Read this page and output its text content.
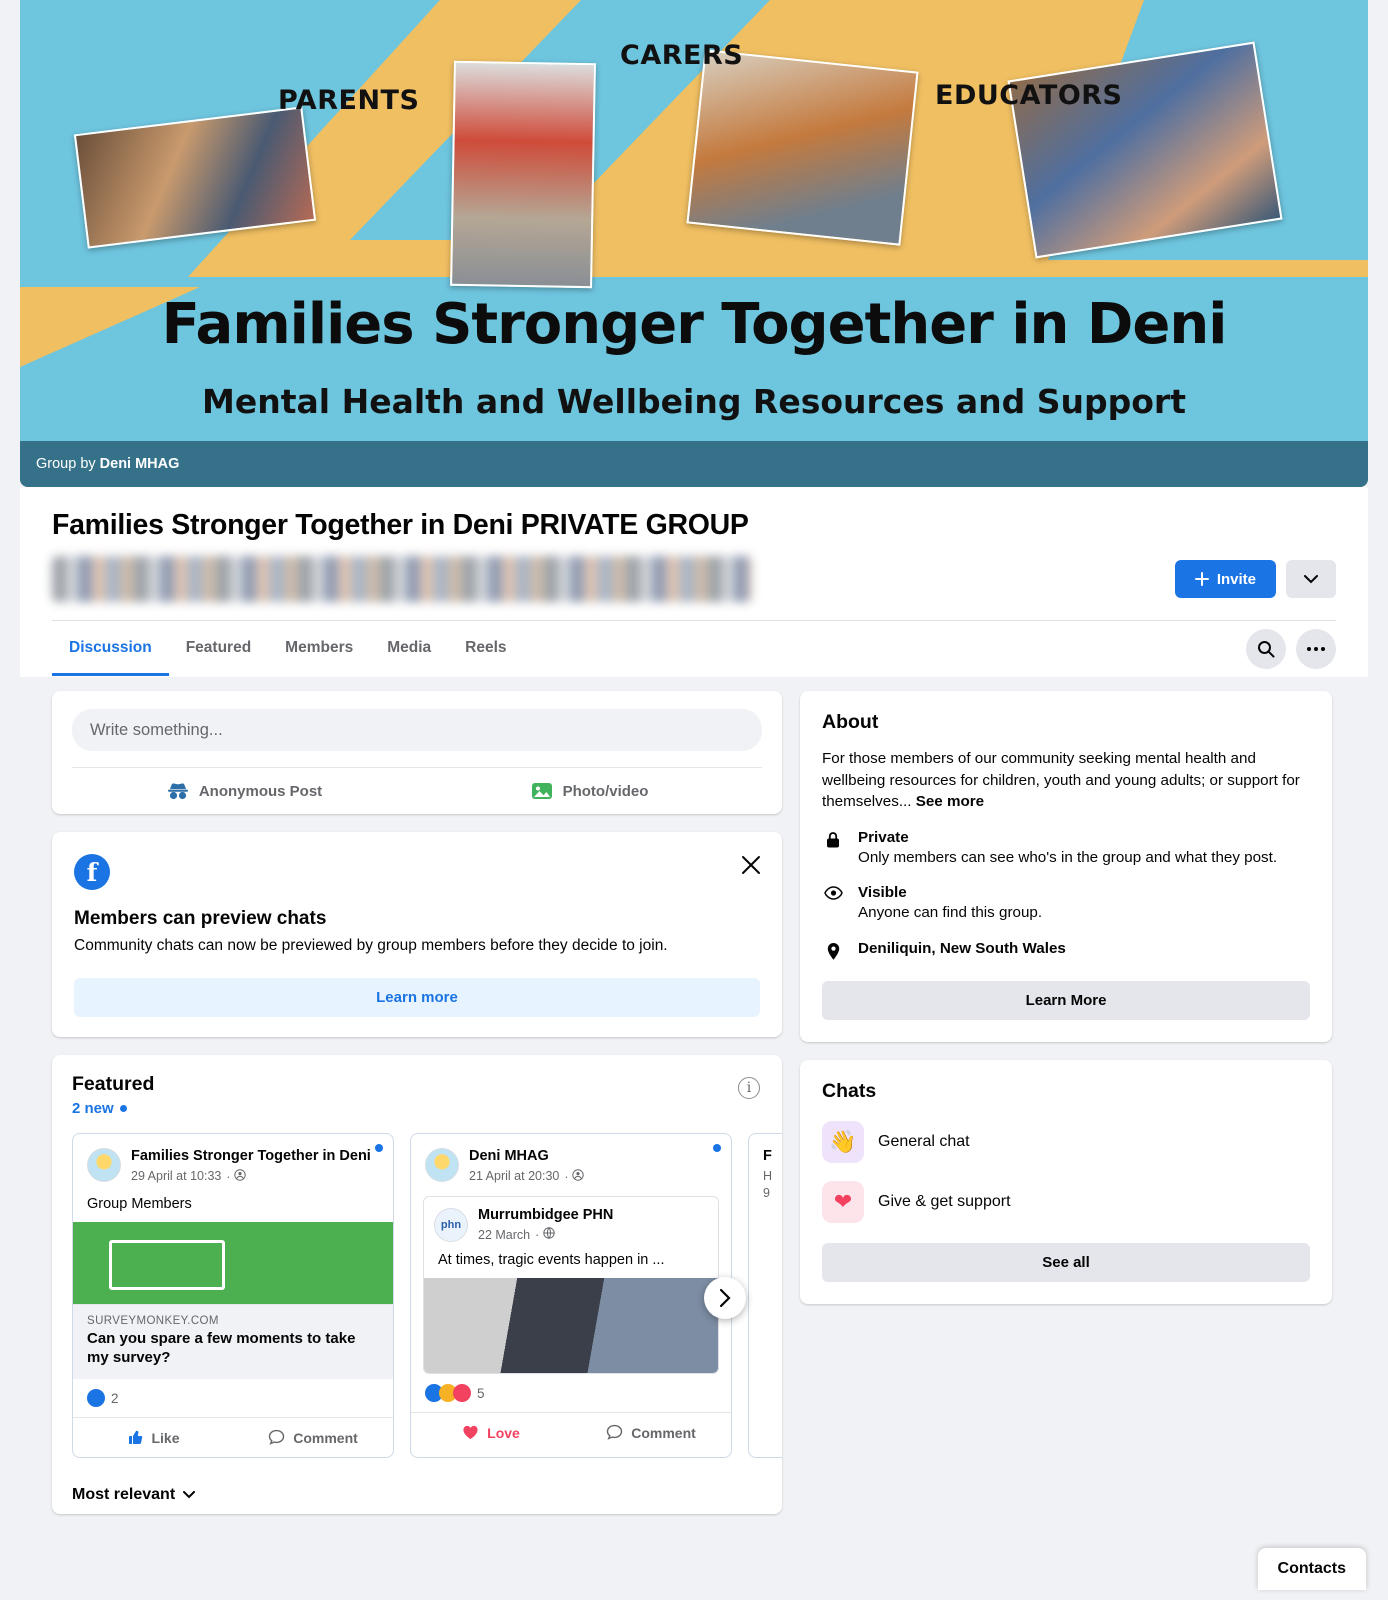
PARENTS
CARERS
EDUCATORS
Families Stronger Together in Deni
Mental Health and Wellbeing Resources and Support
Group by Deni MHAG
Families Stronger Together in Deni PRIVATE GROUP
Invite
Discussion	Featured	Members	Media	Reels
Write something...
Anonymous Post	Photo/video
f
Members can preview chats
Community chats can now be previewed by group members before they decide to join.
Learn more
Featured
2 new
i
Families Stronger Together in Deni
29 April at 10:33 ·
Group Members
SURVEYMONKEY.COM
Can you spare a few moments to take my survey?
2
Like	Comment
Deni MHAG
21 April at 20:30 ·
phn
Murrumbidgee PHN
22 March ·
At times, tragic events happen in ...
5
Love	Comment
F
H
9
Most relevant
About
For those members of our community seeking mental health and wellbeing resources for children, youth and young adults; or support for themselves... See more
Private
Only members can see who's in the group and what they post.
Visible
Anyone can find this group.
Deniliquin, New South Wales
Learn More
Chats
👋	General chat
❤	Give & get support
See all
Contacts
